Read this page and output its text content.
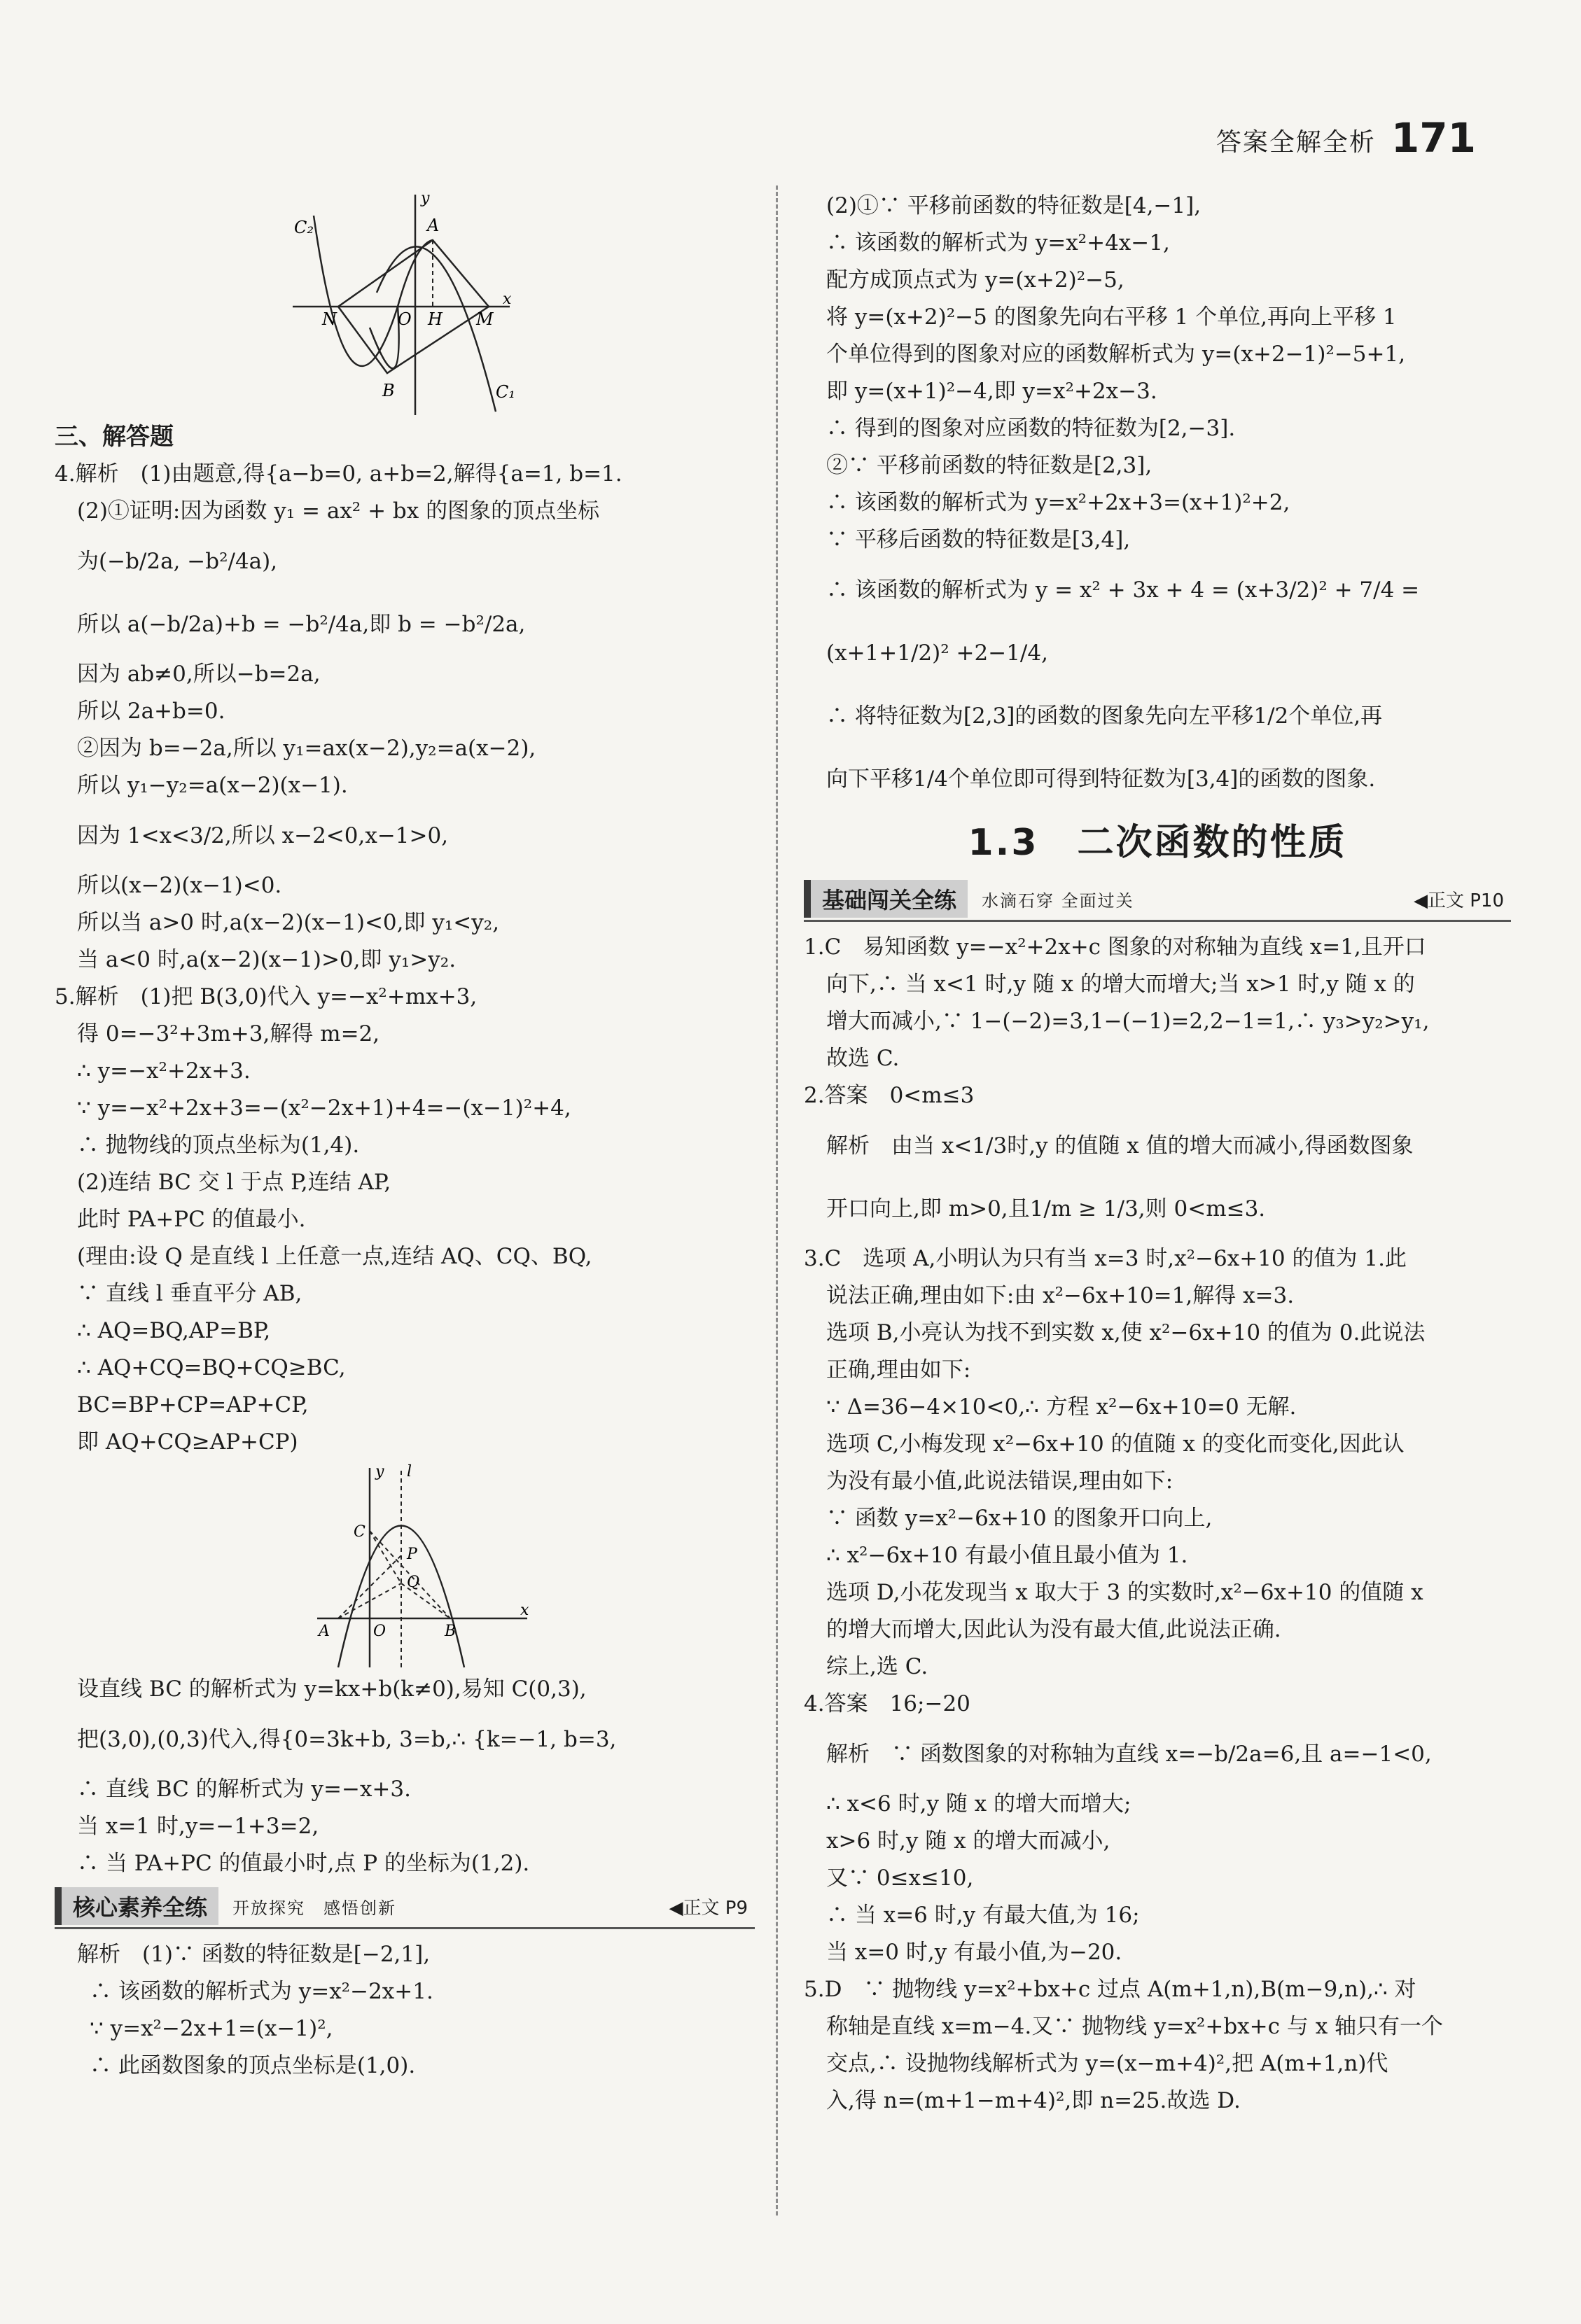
答案全解全析 171
C₂
C₁
A
B
N	O H M
x
y
三、解答题
4.解析　(1)由题意,得{a−b=0, a+b=2,解得{a=1, b=1.
(2)①证明:因为函数 y₁ = ax² + bx 的图象的顶点坐标
为(−b/2a, −b²/4a),
所以 a(−b/2a)+b = −b²/4a,即 b = −b²/2a,
因为 ab≠0,所以−b=2a,
所以 2a+b=0.
②因为 b=−2a,所以 y₁=ax(x−2),y₂=a(x−2),
所以 y₁−y₂=a(x−2)(x−1).
因为 1<x<3/2,所以 x−2<0,x−1>0,
所以(x−2)(x−1)<0.
所以当 a>0 时,a(x−2)(x−1)<0,即 y₁<y₂,
当 a<0 时,a(x−2)(x−1)>0,即 y₁>y₂.
5.解析　(1)把 B(3,0)代入 y=−x²+mx+3,
得 0=−3²+3m+3,解得 m=2,
∴ y=−x²+2x+3.
∵ y=−x²+2x+3=−(x²−2x+1)+4=−(x−1)²+4,
∴ 抛物线的顶点坐标为(1,4).
(2)连结 BC 交 l 于点 P,连结 AP,
此时 PA+PC 的值最小.
(理由:设 Q 是直线 l 上任意一点,连结 AQ、CQ、BQ,
∵ 直线 l 垂直平分 AB,
∴ AQ=BQ,AP=BP,
∴ AQ+CQ=BQ+CQ≥BC,
BC=BP+CP=AP+CP,
即 AQ+CQ≥AP+CP)
y l
C
P
Q
A	O	B
x
设直线 BC 的解析式为 y=kx+b(k≠0),易知 C(0,3),
把(3,0),(0,3)代入,得{0=3k+b, 3=b,∴ {k=−1, b=3,
∴ 直线 BC 的解析式为 y=−x+3.
当 x=1 时,y=−1+3=2,
∴ 当 PA+PC 的值最小时,点 P 的坐标为(1,2).
核心素养全练	开放探究　感悟创新	◀正文 P9
解析　(1)∵ 函数的特征数是[−2,1],
∴ 该函数的解析式为 y=x²−2x+1.
∵ y=x²−2x+1=(x−1)²,
∴ 此函数图象的顶点坐标是(1,0).
(2)①∵ 平移前函数的特征数是[4,−1],
∴ 该函数的解析式为 y=x²+4x−1,
配方成顶点式为 y=(x+2)²−5,
将 y=(x+2)²−5 的图象先向右平移 1 个单位,再向上平移 1
个单位得到的图象对应的函数解析式为 y=(x+2−1)²−5+1,
即 y=(x+1)²−4,即 y=x²+2x−3.
∴ 得到的图象对应函数的特征数为[2,−3].
②∵ 平移前函数的特征数是[2,3],
∴ 该函数的解析式为 y=x²+2x+3=(x+1)²+2,
∵ 平移后函数的特征数是[3,4],
∴ 该函数的解析式为 y = x² + 3x + 4 = (x+3/2)² + 7/4 =
(x+1+1/2)² +2−1/4,
∴ 将特征数为[2,3]的函数的图象先向左平移1/2个单位,再
向下平移1/4个单位即可得到特征数为[3,4]的函数的图象.
1.3　二次函数的性质
基础闯关全练	水滴石穿 全面过关	◀正文 P10
1.C　易知函数 y=−x²+2x+c 图象的对称轴为直线 x=1,且开口
向下,∴ 当 x<1 时,y 随 x 的增大而增大;当 x>1 时,y 随 x 的
增大而减小,∵ 1−(−2)=3,1−(−1)=2,2−1=1,∴ y₃>y₂>y₁,
故选 C.
2.答案　0<m≤3
解析　由当 x<1/3时,y 的值随 x 值的增大而减小,得函数图象
开口向上,即 m>0,且1/m ≥ 1/3,则 0<m≤3.
3.C　选项 A,小明认为只有当 x=3 时,x²−6x+10 的值为 1.此
说法正确,理由如下:由 x²−6x+10=1,解得 x=3.
选项 B,小亮认为找不到实数 x,使 x²−6x+10 的值为 0.此说法
正确,理由如下:
∵ Δ=36−4×10<0,∴ 方程 x²−6x+10=0 无解.
选项 C,小梅发现 x²−6x+10 的值随 x 的变化而变化,因此认
为没有最小值,此说法错误,理由如下:
∵ 函数 y=x²−6x+10 的图象开口向上,
∴ x²−6x+10 有最小值且最小值为 1.
选项 D,小花发现当 x 取大于 3 的实数时,x²−6x+10 的值随 x
的增大而增大,因此认为没有最大值,此说法正确.
综上,选 C.
4.答案　16;−20
解析　∵ 函数图象的对称轴为直线 x=−b/2a=6,且 a=−1<0,
∴ x<6 时,y 随 x 的增大而增大;
x>6 时,y 随 x 的增大而减小,
又∵ 0≤x≤10,
∴ 当 x=6 时,y 有最大值,为 16;
当 x=0 时,y 有最小值,为−20.
5.D　∵ 抛物线 y=x²+bx+c 过点 A(m+1,n),B(m−9,n),∴ 对
称轴是直线 x=m−4.又∵ 抛物线 y=x²+bx+c 与 x 轴只有一个
交点,∴ 设抛物线解析式为 y=(x−m+4)²,把 A(m+1,n)代
入,得 n=(m+1−m+4)²,即 n=25.故选 D.
